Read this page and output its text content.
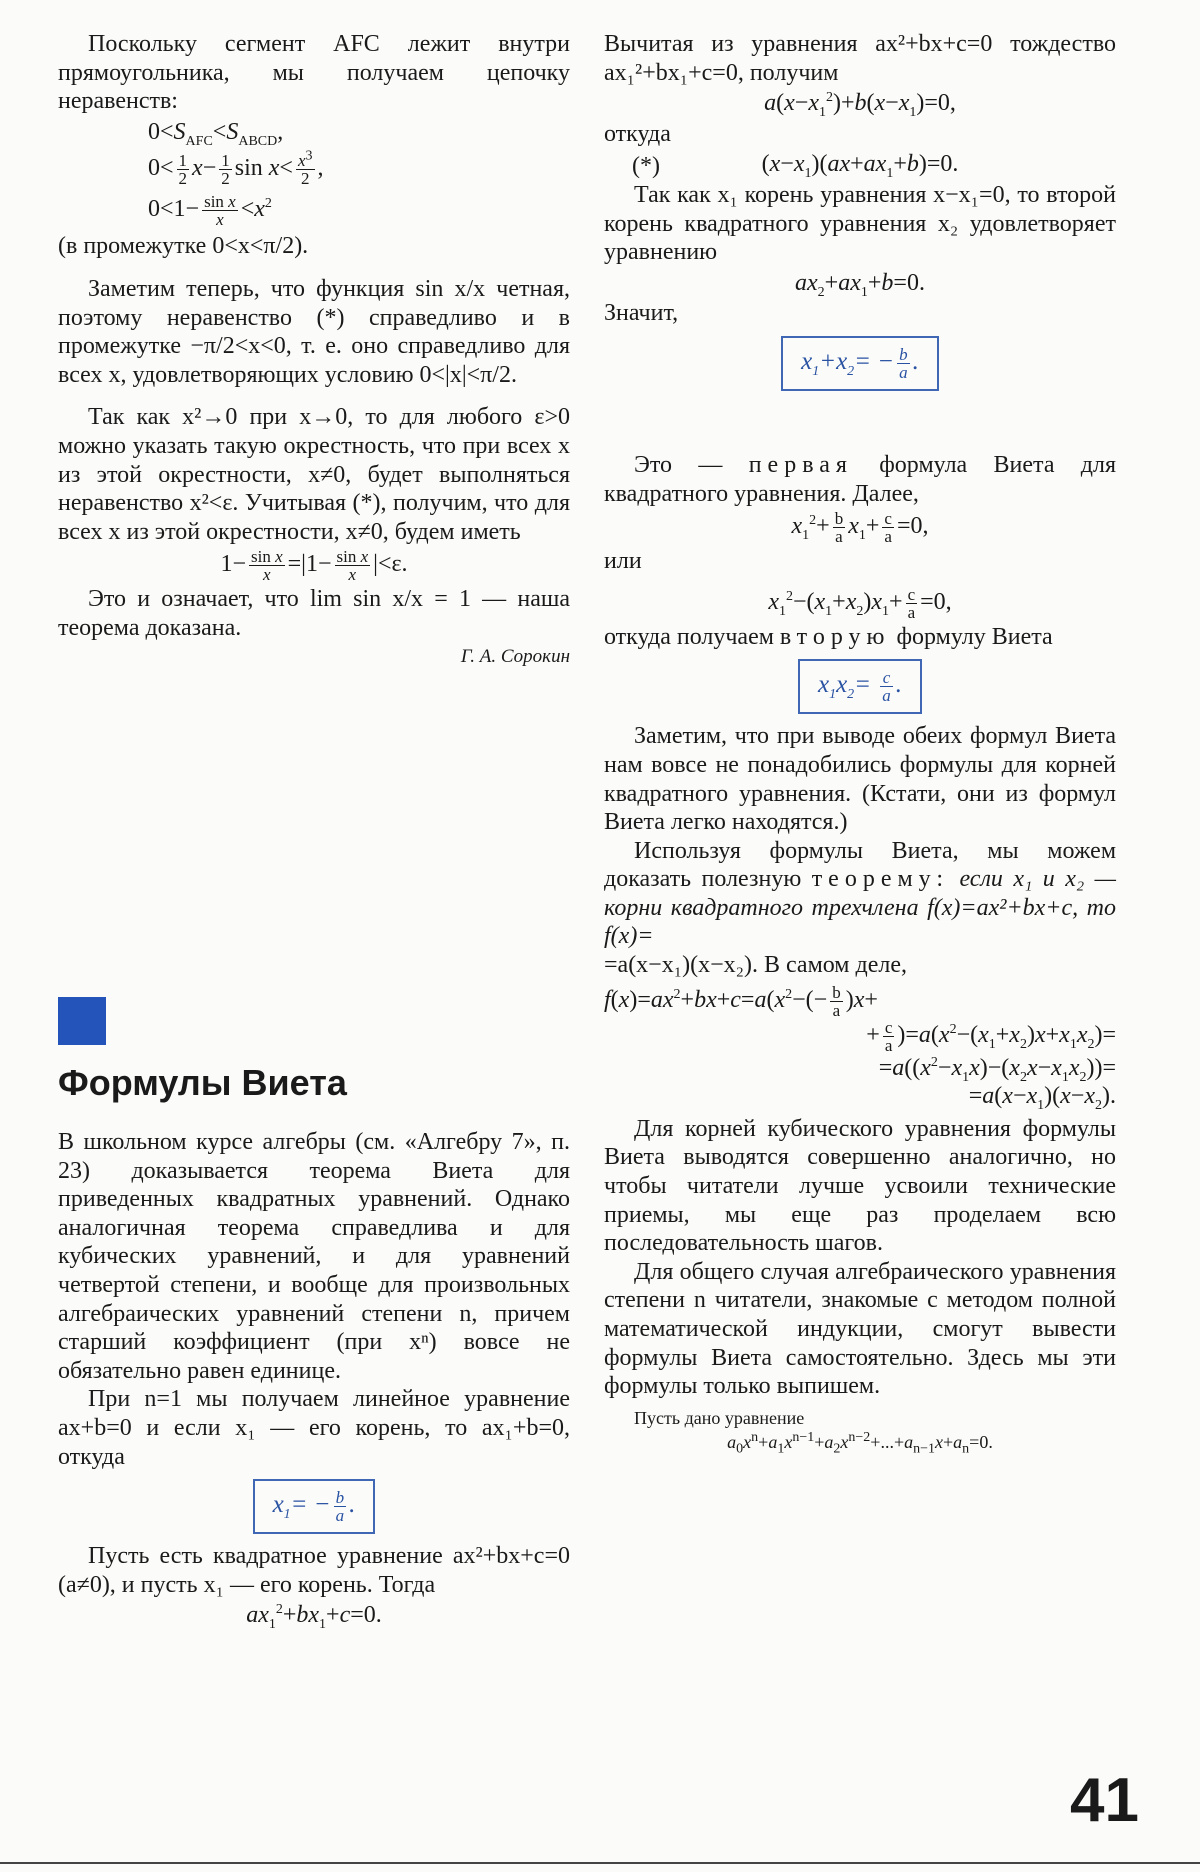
Поскольку сегмент AFC лежит внутри прямоугольника, мы получаем цепочку неравенств:

$0<S_{AFC}<S_{ABCD}$,
$0< \frac{1}{2} x- \frac{1}{2}$ $\sin x< \frac{x^3}{2}$ ,	(*)
$0<1- \frac{\text{sin x}}{x} <x^2$

(в промежутке 0<x<π/2).

Заметим теперь, что функция sin x/x четная, поэтому неравенство (*) справедливо и в промежутке −π/2<x<0, т. е. оно справедливо для всех x, удовлетворяющих условию 0<|x|<π/2.

Так как x²→0 при x→0, то для любого ε>0 можно указать такую окрестность, что при всех x из этой окрестности, x≠0, будет выполняться неравенство x²<ε. Учитывая (*), получим, что для всех x из этой окрестности, x≠0, будем иметь

$1- \frac{\text{sin x}}{x} =|1- \frac{\text{sin x}}{x} |<\varepsilon$.

Это и означает, что lim sin x/x = 1 — наша теорема доказана.

Г. А. Сорокин
Формулы Виета

В школьном курсе алгебры (см. «Алгебру 7», п. 23) доказывается теорема Виета для приведенных квадратных уравнений. Однако аналогичная теорема справедлива и для кубических уравнений, и для уравнений четвертой степени, и вообще для произвольных алгебраических уравнений степени n, причем старший коэффициент (при xⁿ) вовсе не обязательно равен единице.

При n=1 мы получаем линейное уравнение ax+b=0 и если x₁ — его корень, то ax₁+b=0, откуда

$x_1= - \frac{b}{a}$ .

Пусть есть квадратное уравнение ax²+bx+c=0 (a≠0), и пусть x₁ — его корень. Тогда

$ax_1^2+bx_1+c=0$.

Вычитая из уравнения ax²+bx+c=0 тождество ax₁²+bx₁+c=0, получим

$a(x-x_1^2)+b(x-x_1)=0$,

откуда

$(x-x_1)(ax+ax_1+b)=0$.

Так как x₁ корень уравнения x−x₁=0, то второй корень квадратного уравнения x₂ удовлетворяет уравнению

$ax_2+ax_1+b=0$.

Значит,

$x_1+x_2= - \frac{b}{a}$ .

Это — первая формула Виета для квадратного уравнения. Далее,

$x_1^2+ \frac{b}{a} x_1+ \frac{c}{a} =0$,

или

$x_1^2-(x_1+x_2)x_1+ \frac{c}{a} =0$,

откуда получаем вторую формулу Виета

$x_1x_2= \frac{c}{a}$ .

Заметим, что при выводе обеих формул Виета нам вовсе не понадобились формулы для корней квадратного уравнения. (Кстати, они из формул Виета легко находятся.)

Используя формулы Виета, мы можем доказать полезную теорему: если x₁ и x₂ — корни квадратного трехчлена f(x)=ax²+bx+c, то f(x)=

=a(x−x₁)(x−x₂). В самом деле,

$f(x)=ax^2+bx+c=a(x^2-(- \frac{b}{a} )x+$
+ $\frac{c}{a} )=a(x^2-(x_1+x_2)x+x_1x_2)=$
$=a((x^2-x_1x)-(x_2x-x_1x_2))=$
$=a(x-x_1)(x-x_2)$.

Для корней кубического уравнения формулы Виета выводятся совершенно аналогично, но чтобы читатели лучше усвоили технические приемы, мы еще раз проделаем всю последовательность шагов.

Для общего случая алгебраического уравнения степени n читатели, знакомые с методом полной математической индукции, смогут вывести формулы Виета самостоятельно. Здесь мы эти формулы только выпишем.

Пусть дано уравнение

$a_0x^n+a_1x^{n-1}+a_2x^{n-2}+...+a_{n-1}x+a_n=0$.
41
